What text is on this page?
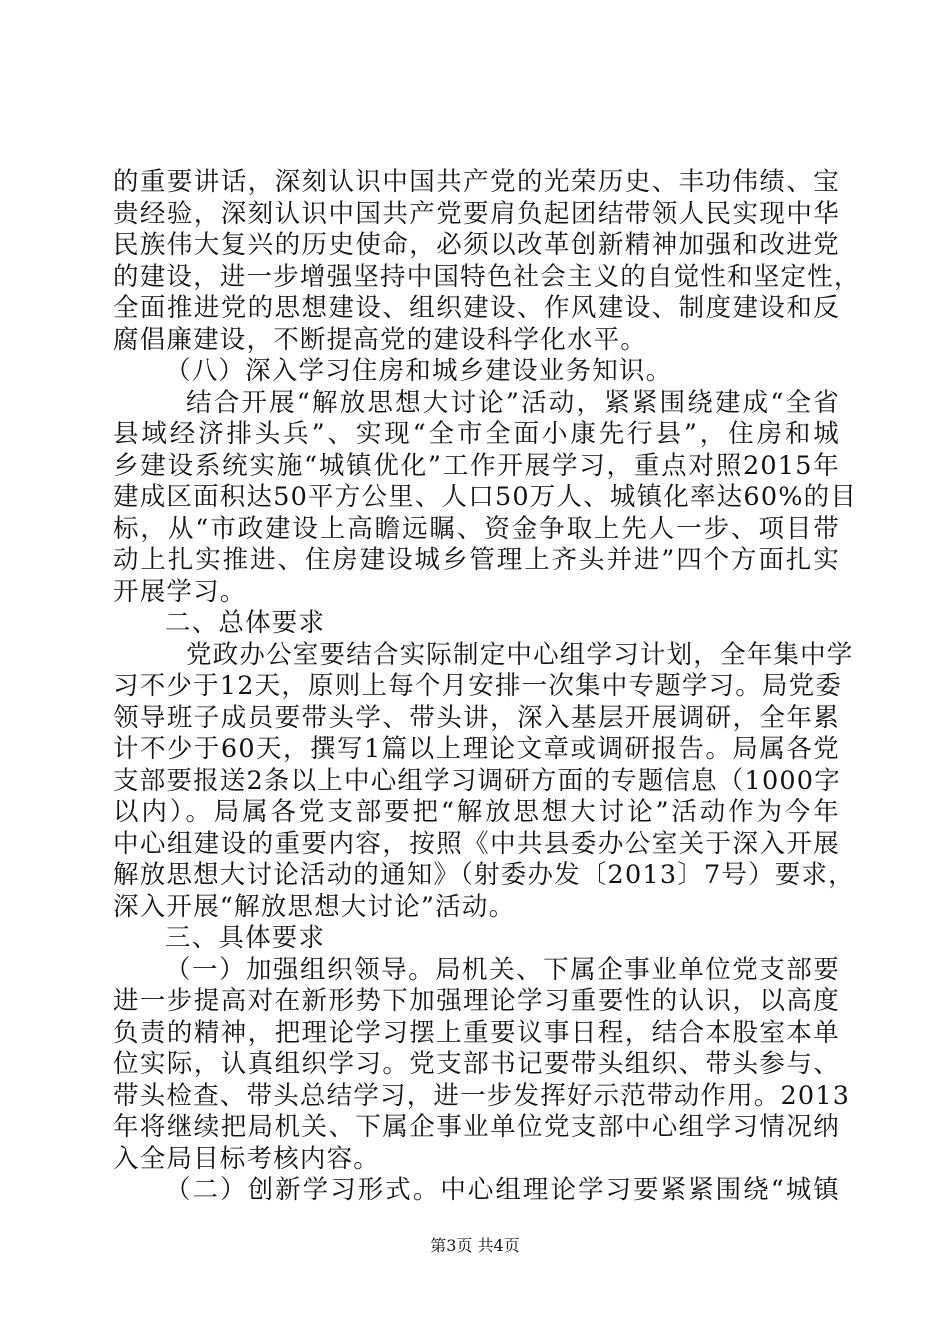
的重要讲话，深刻认识中国共产党的光荣历史、丰功伟绩、宝
贵经验，深刻认识中国共产党要肩负起团结带领人民实现中华
民族伟大复兴的历史使命，必须以改革创新精神加强和改进党
的建设，进一步增强坚持中国特色社会主义的自觉性和坚定性，
全面推进党的思想建设、组织建设、作风建设、制度建设和反
腐倡廉建设，不断提高党的建设科学化水平。
（八）深入学习住房和城乡建设业务知识。
结合开展“解放思想大讨论”活动，紧紧围绕建成“全省
县域经济排头兵”、实现“全市全面小康先行县”，住房和城
乡建设系统实施“城镇优化”工作开展学习，重点对照2015年
建成区面积达50平方公里、人口50万人、城镇化率达60%的目
标，从“市政建设上高瞻远瞩、资金争取上先人一步、项目带
动上扎实推进、住房建设城乡管理上齐头并进”四个方面扎实
开展学习。
二、总体要求
党政办公室要结合实际制定中心组学习计划，全年集中学
习不少于12天，原则上每个月安排一次集中专题学习。局党委
领导班子成员要带头学、带头讲，深入基层开展调研，全年累
计不少于60天，撰写1篇以上理论文章或调研报告。局属各党
支部要报送2条以上中心组学习调研方面的专题信息（1000字
以内）。局属各党支部要把“解放思想大讨论”活动作为今年
中心组建设的重要内容，按照《中共县委办公室关于深入开展
解放思想大讨论活动的通知》（射委办发〔2013〕7号）要求，
深入开展“解放思想大讨论”活动。
三、具体要求
（一）加强组织领导。局机关、下属企事业单位党支部要
进一步提高对在新形势下加强理论学习重要性的认识，以高度
负责的精神，把理论学习摆上重要议事日程，结合本股室本单
位实际，认真组织学习。党支部书记要带头组织、带头参与、
带头检查、带头总结学习，进一步发挥好示范带动作用。2013
年将继续把局机关、下属企事业单位党支部中心组学习情况纳
入全局目标考核内容。
（二）创新学习形式。中心组理论学习要紧紧围绕“城镇
第3页 共4页
